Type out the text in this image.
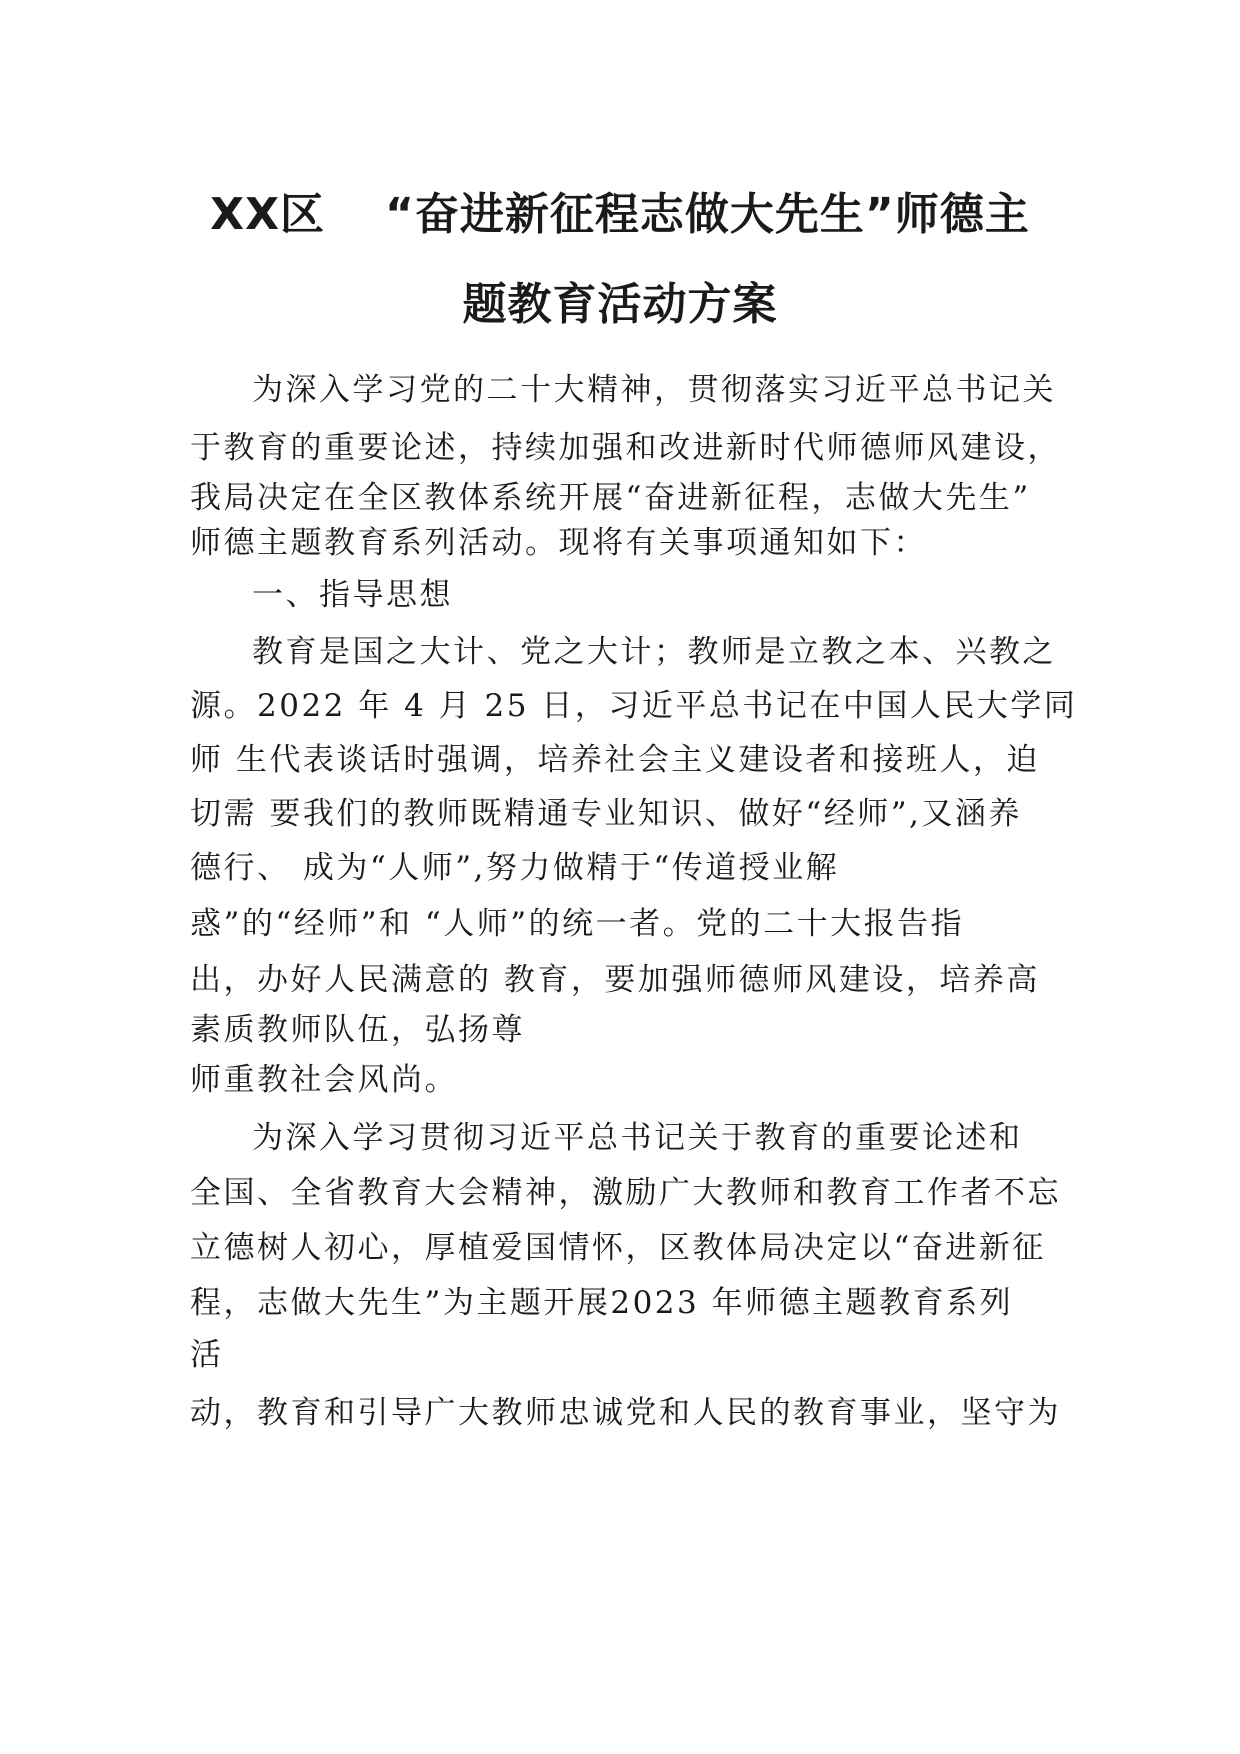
XX区 “奋进新征程志做大先生”师德主
题教育活动方案
为深入学习党的二十大精神，贯彻落实习近平总书记关
于教育的重要论述，持续加强和改进新时代师德师风建设，
我局决定在全区教体系统开展“奋进新征程，志做大先生”
师德主题教育系列活动。现将有关事项通知如下：
一、指导思想
教育是国之大计、党之大计；教师是立教之本、兴教之
源。2022 年 4 月 25 日，习近平总书记在中国人民大学同
师 生代表谈话时强调，培养社会主义建设者和接班人，迫
切需 要我们的教师既精通专业知识、做好“经师”,又涵养
德行、 成为“人师”,努力做精于“传道授业解
惑”的“经师”和 “人师”的统一者。党的二十大报告指
出，办好人民满意的 教育，要加强师德师风建设，培养高
素质教师队伍，弘扬尊
师重教社会风尚。
为深入学习贯彻习近平总书记关于教育的重要论述和
全国、全省教育大会精神，激励广大教师和教育工作者不忘
立德树人初心，厚植爱国情怀，区教体局决定以“奋进新征
程，志做大先生”为主题开展2023 年师德主题教育系列
活
动，教育和引导广大教师忠诚党和人民的教育事业，坚守为
